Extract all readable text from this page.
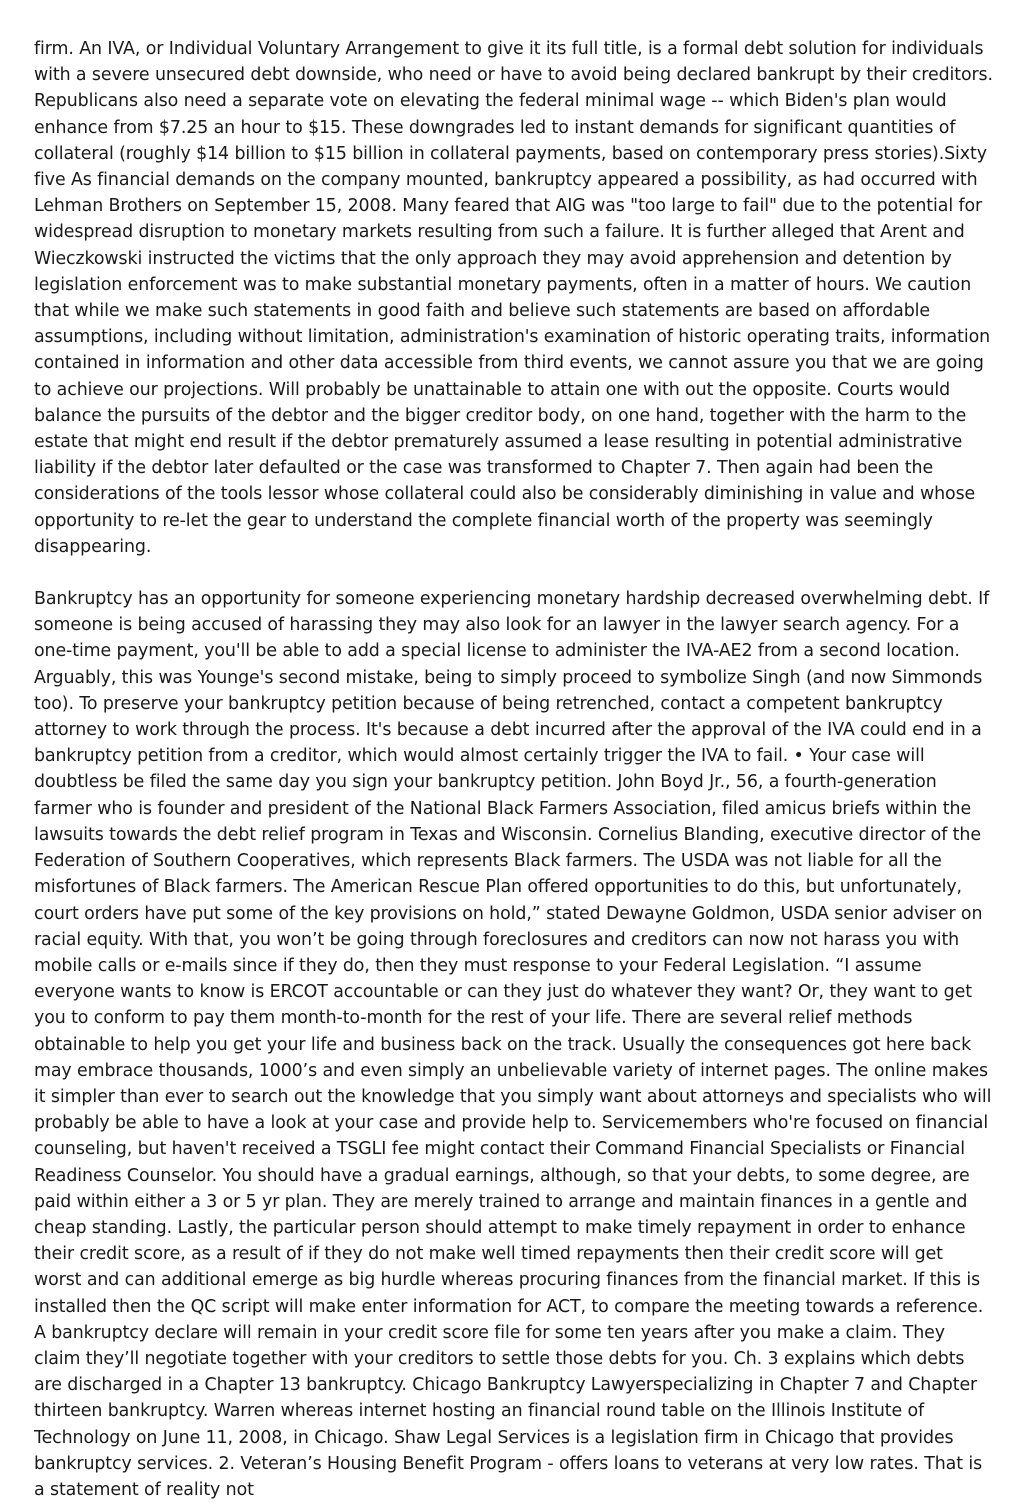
firm. An IVA, or Individual Voluntary Arrangement to give it its full title, is a formal debt solution for individuals with a severe unsecured debt downside, who need or have to avoid being declared bankrupt by their creditors. Republicans also need a separate vote on elevating the federal minimal wage -- which Biden's plan would enhance from $7.25 an hour to $15. These downgrades led to instant demands for significant quantities of collateral (roughly $14 billion to $15 billion in collateral payments, based on contemporary press stories).Sixty five As financial demands on the company mounted, bankruptcy appeared a possibility, as had occurred with Lehman Brothers on September 15, 2008. Many feared that AIG was "too large to fail" due to the potential for widespread disruption to monetary markets resulting from such a failure. It is further alleged that Arent and Wieczkowski instructed the victims that the only approach they may avoid apprehension and detention by legislation enforcement was to make substantial monetary payments, often in a matter of hours. We caution that while we make such statements in good faith and believe such statements are based on affordable assumptions, including without limitation, administration's examination of historic operating traits, information contained in information and other data accessible from third events, we cannot assure you that we are going to achieve our projections. Will probably be unattainable to attain one with out the opposite. Courts would balance the pursuits of the debtor and the bigger creditor body, on one hand, together with the harm to the estate that might end result if the debtor prematurely assumed a lease resulting in potential administrative liability if the debtor later defaulted or the case was transformed to Chapter 7. Then again had been the considerations of the tools lessor whose collateral could also be considerably diminishing in value and whose opportunity to re-let the gear to understand the complete financial worth of the property was seemingly disappearing.

Bankruptcy has an opportunity for someone experiencing monetary hardship decreased overwhelming debt. If someone is being accused of harassing they may also look for an lawyer in the lawyer search agency. For a one-time payment, you'll be able to add a special license to administer the IVA-AE2 from a second location. Arguably, this was Younge's second mistake, being to simply proceed to symbolize Singh (and now Simmonds too). To preserve your bankruptcy petition because of being retrenched, contact a competent bankruptcy attorney to work through the process. It's because a debt incurred after the approval of the IVA could end in a bankruptcy petition from a creditor, which would almost certainly trigger the IVA to fail. • Your case will doubtless be filed the same day you sign your bankruptcy petition. John Boyd Jr., 56, a fourth-generation farmer who is founder and president of the National Black Farmers Association, filed amicus briefs within the lawsuits towards the debt relief program in Texas and Wisconsin. Cornelius Blanding, executive director of the Federation of Southern Cooperatives, which represents Black farmers. The USDA was not liable for all the misfortunes of Black farmers. The American Rescue Plan offered opportunities to do this, but unfortunately, court orders have put some of the key provisions on hold,” stated Dewayne Goldmon, USDA senior adviser on racial equity. With that, you won’t be going through foreclosures and creditors can now not harass you with mobile calls or e-mails since if they do, then they must response to your Federal Legislation. “I assume everyone wants to know is ERCOT accountable or can they just do whatever they want? Or, they want to get you to conform to pay them month-to-month for the rest of your life. There are several relief methods obtainable to help you get your life and business back on the track. Usually the consequences got here back may embrace thousands, 1000’s and even simply an unbelievable variety of internet pages. The online makes it simpler than ever to search out the knowledge that you simply want about attorneys and specialists who will probably be able to have a look at your case and provide help to. Servicemembers who're focused on financial counseling, but haven't received a TSGLI fee might contact their Command Financial Specialists or Financial Readiness Counselor. You should have a gradual earnings, although, so that your debts, to some degree, are paid within either a 3 or 5 yr plan. They are merely trained to arrange and maintain finances in a gentle and cheap standing. Lastly, the particular person should attempt to make timely repayment in order to enhance their credit score, as a result of if they do not make well timed repayments then their credit score will get worst and can additional emerge as big hurdle whereas procuring finances from the financial market. If this is installed then the QC script will make enter information for ACT, to compare the meeting towards a reference. A bankruptcy declare will remain in your credit score file for some ten years after you make a claim. They claim they’ll negotiate together with your creditors to settle those debts for you. Ch. 3 explains which debts are discharged in a Chapter 13 bankruptcy. Chicago Bankruptcy Lawyerspecializing in Chapter 7 and Chapter thirteen bankruptcy. Warren whereas internet hosting an financial round table on the Illinois Institute of Technology on June 11, 2008, in Chicago. Shaw Legal Services is a legislation firm in Chicago that provides bankruptcy services. 2. Veteran’s Housing Benefit Program - offers loans to veterans at very low rates. That is a statement of reality not
